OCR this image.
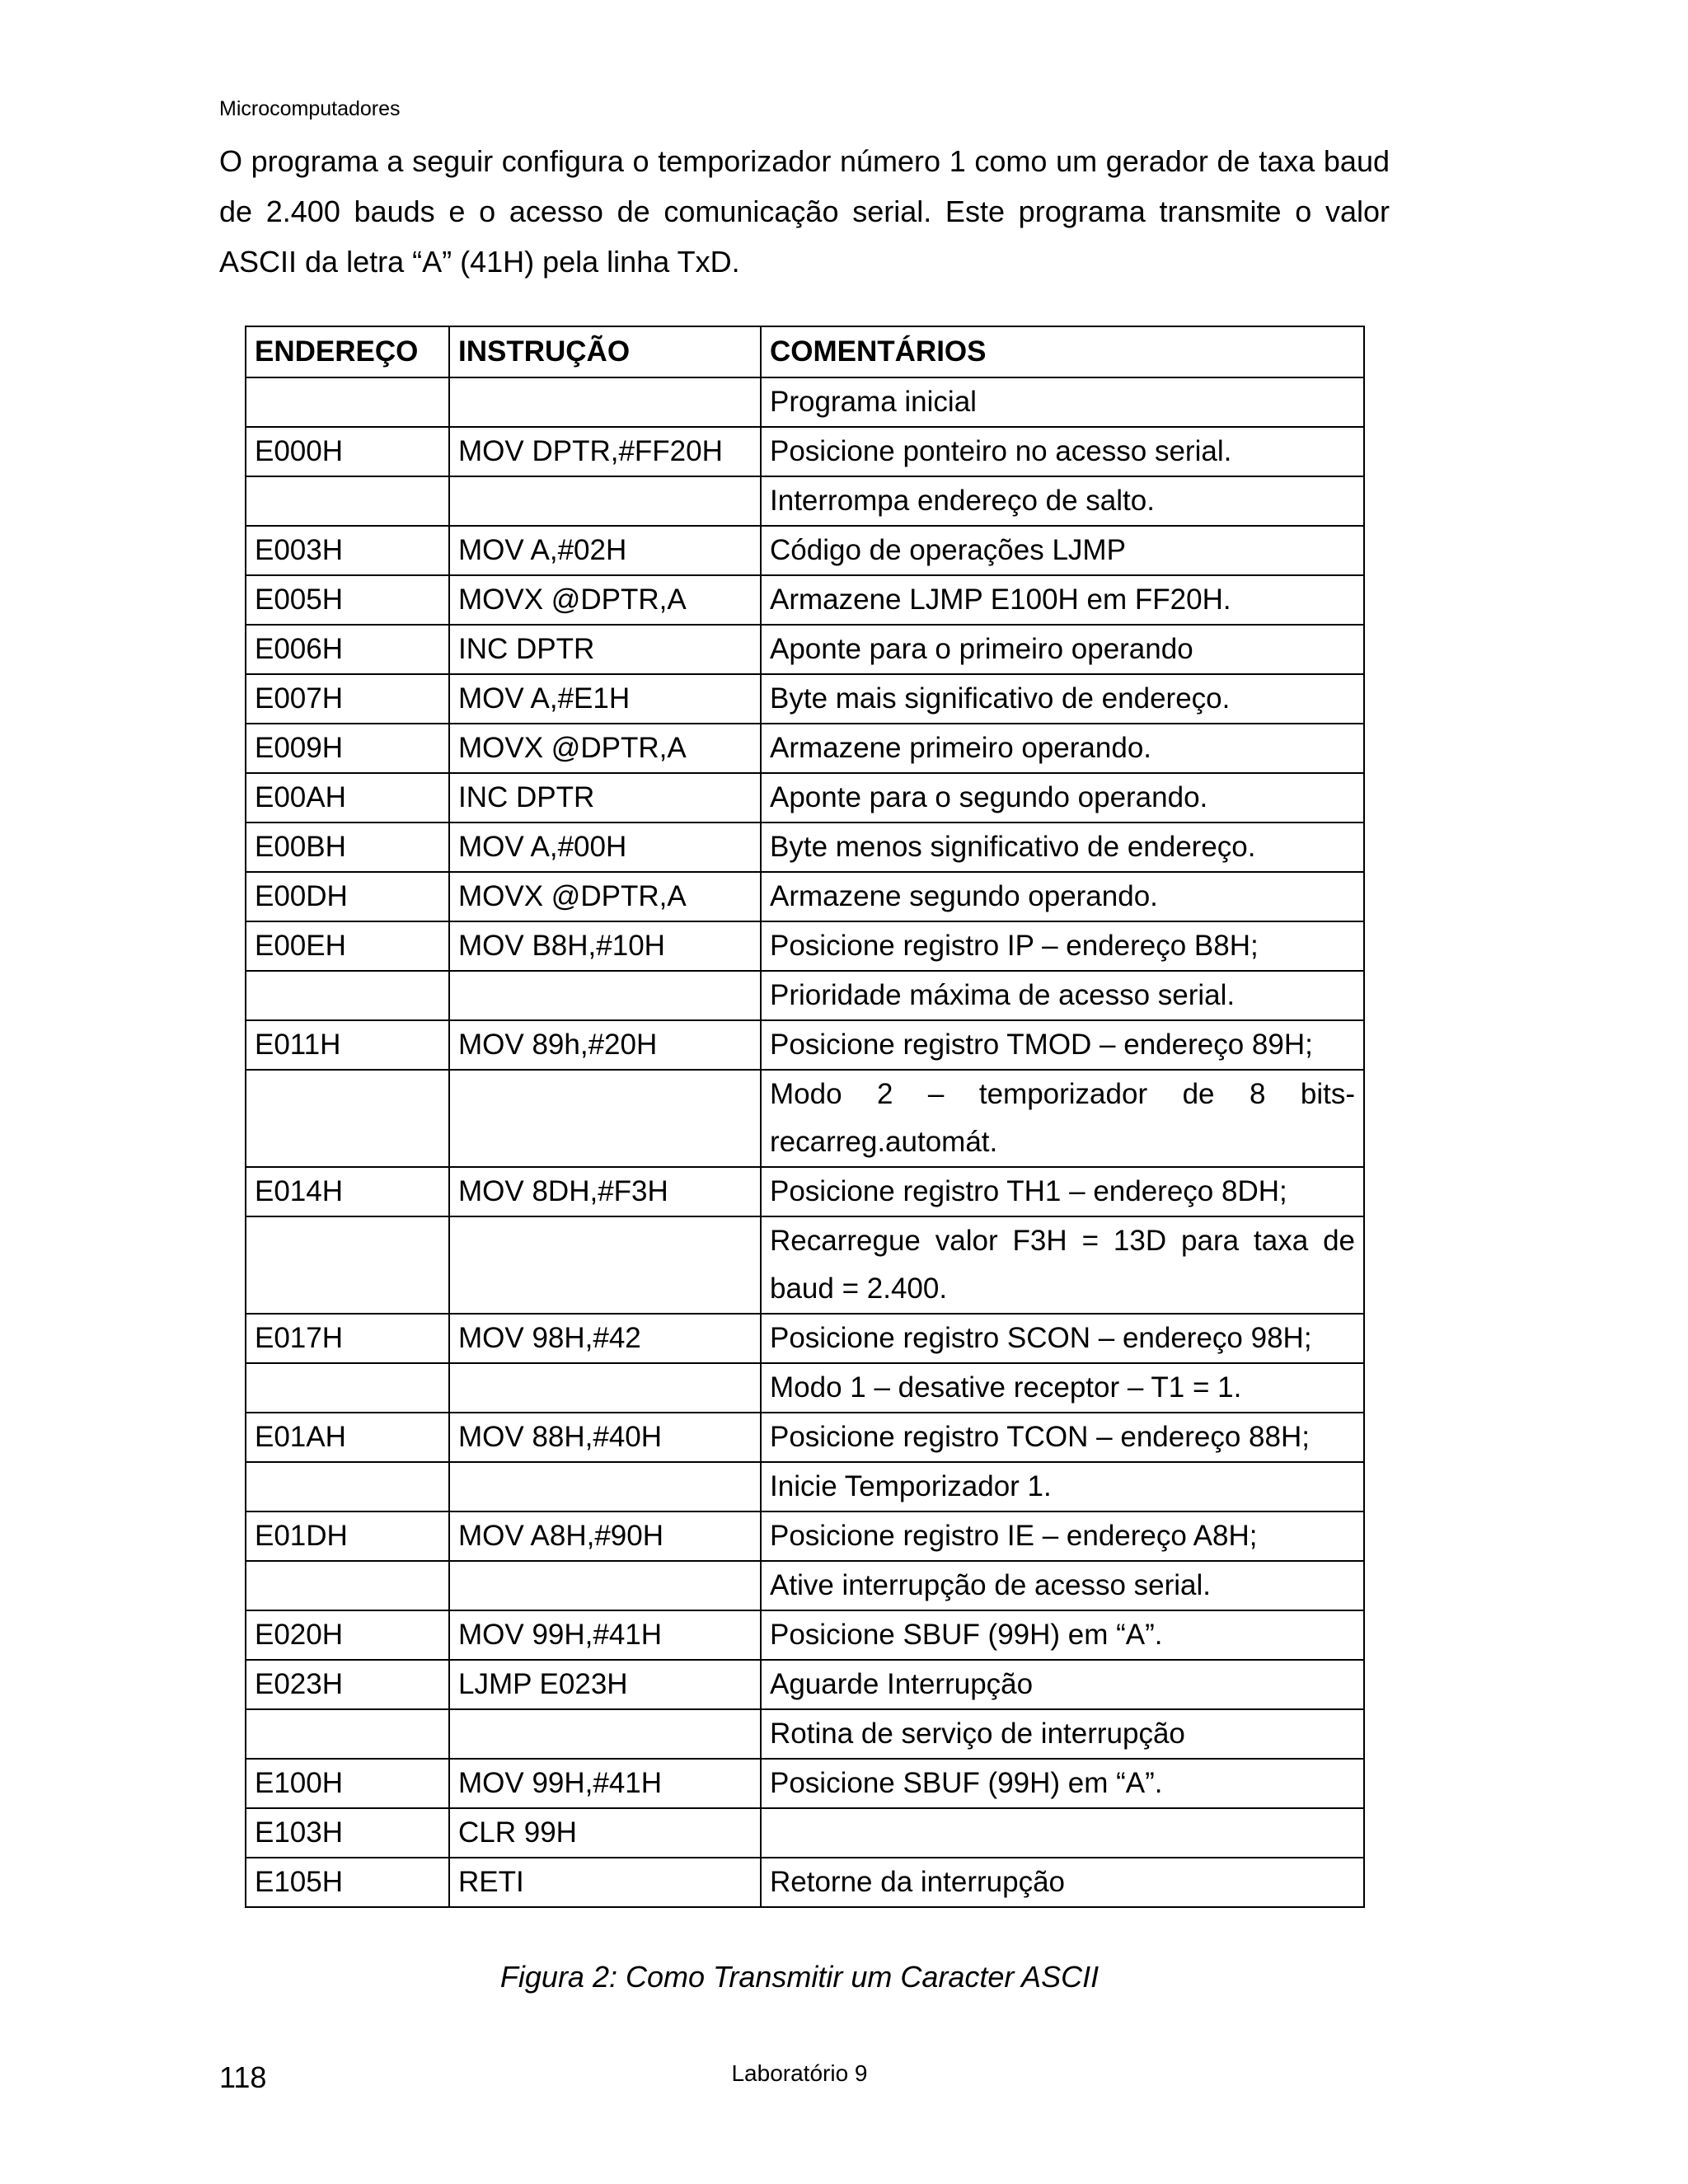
Microcomputadores
O programa a seguir configura o temporizador número 1 como um gerador de taxa baud de 2.400 bauds e o acesso de comunicação serial. Este programa transmite o valor ASCII da letra “A” (41H) pela linha TxD.
ENDEREÇO	INSTRUÇÃO	COMENTÁRIOS
		Programa inicial
E000H	MOV DPTR,#FF20H	Posicione ponteiro no acesso serial.
		Interrompa endereço de salto.
E003H	MOV A,#02H	Código de operações LJMP
E005H	MOVX @DPTR,A	Armazene LJMP E100H em FF20H.
E006H	INC DPTR	Aponte para o primeiro operando
E007H	MOV A,#E1H	Byte mais significativo de endereço.
E009H	MOVX @DPTR,A	Armazene primeiro operando.
E00AH	INC DPTR	Aponte para o segundo operando.
E00BH	MOV A,#00H	Byte menos significativo de endereço.
E00DH	MOVX @DPTR,A	Armazene segundo operando.
E00EH	MOV B8H,#10H	Posicione registro IP – endereço B8H;
		Prioridade máxima de acesso serial.
E011H	MOV 89h,#20H	Posicione registro TMOD – endereço 89H;
		Modo 2 – temporizador de 8 bits-recarreg.automát.
E014H	MOV 8DH,#F3H	Posicione registro TH1 – endereço 8DH;
		Recarregue valor F3H = 13D para taxa de baud = 2.400.
E017H	MOV 98H,#42	Posicione registro SCON – endereço 98H;
		Modo 1 – desative receptor – T1 = 1.
E01AH	MOV 88H,#40H	Posicione registro TCON – endereço 88H;
		Inicie Temporizador 1.
E01DH	MOV A8H,#90H	Posicione registro IE – endereço A8H;
		Ative interrupção de acesso serial.
E020H	MOV 99H,#41H	Posicione SBUF (99H) em “A”.
E023H	LJMP E023H	Aguarde Interrupção
		Rotina de serviço de interrupção
E100H	MOV 99H,#41H	Posicione SBUF (99H) em “A”.
E103H	CLR 99H	
E105H	RETI	Retorne da interrupção
Figura 2: Como Transmitir um Caracter ASCII
118	Laboratório 9
